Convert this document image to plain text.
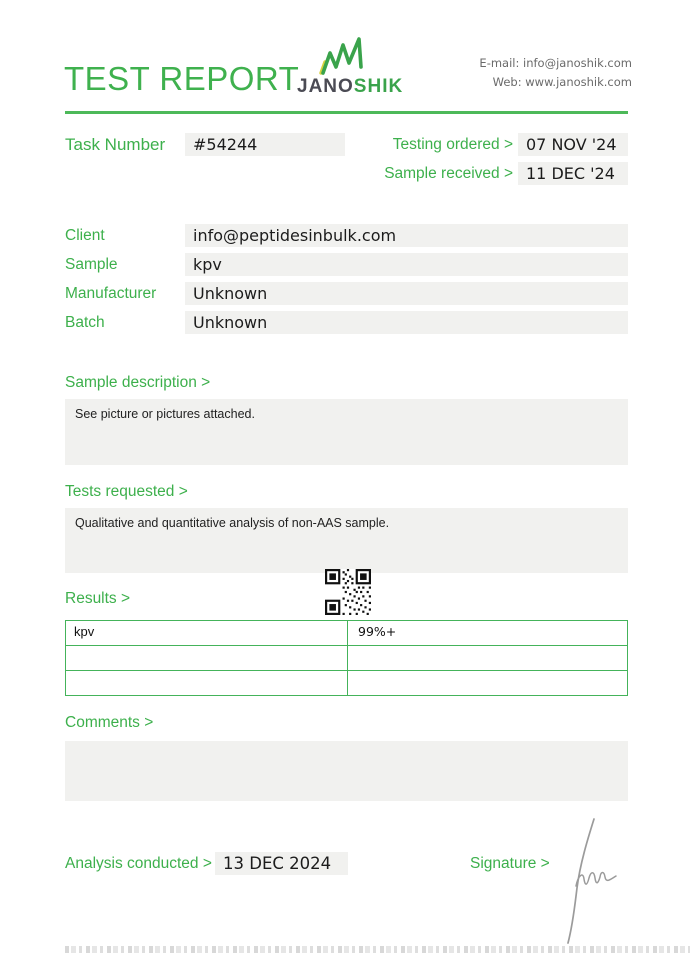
TEST REPORT
JANOSHIK
E-mail: info@janoshik.com
Web: www.janoshik.com
Task Number	#54244	Testing ordered > 07 NOV '24
Sample received > 11 DEC '24
Client	info@peptidesinbulk.com
Sample	kpv
Manufacturer	Unknown
Batch	Unknown
Sample description >
See picture or pictures attached.
Tests requested >
Qualitative and quantitative analysis of non-AAS sample.
Results >
kpv	99%+
Comments >
Analysis conducted > 13 DEC 2024	Signature >
